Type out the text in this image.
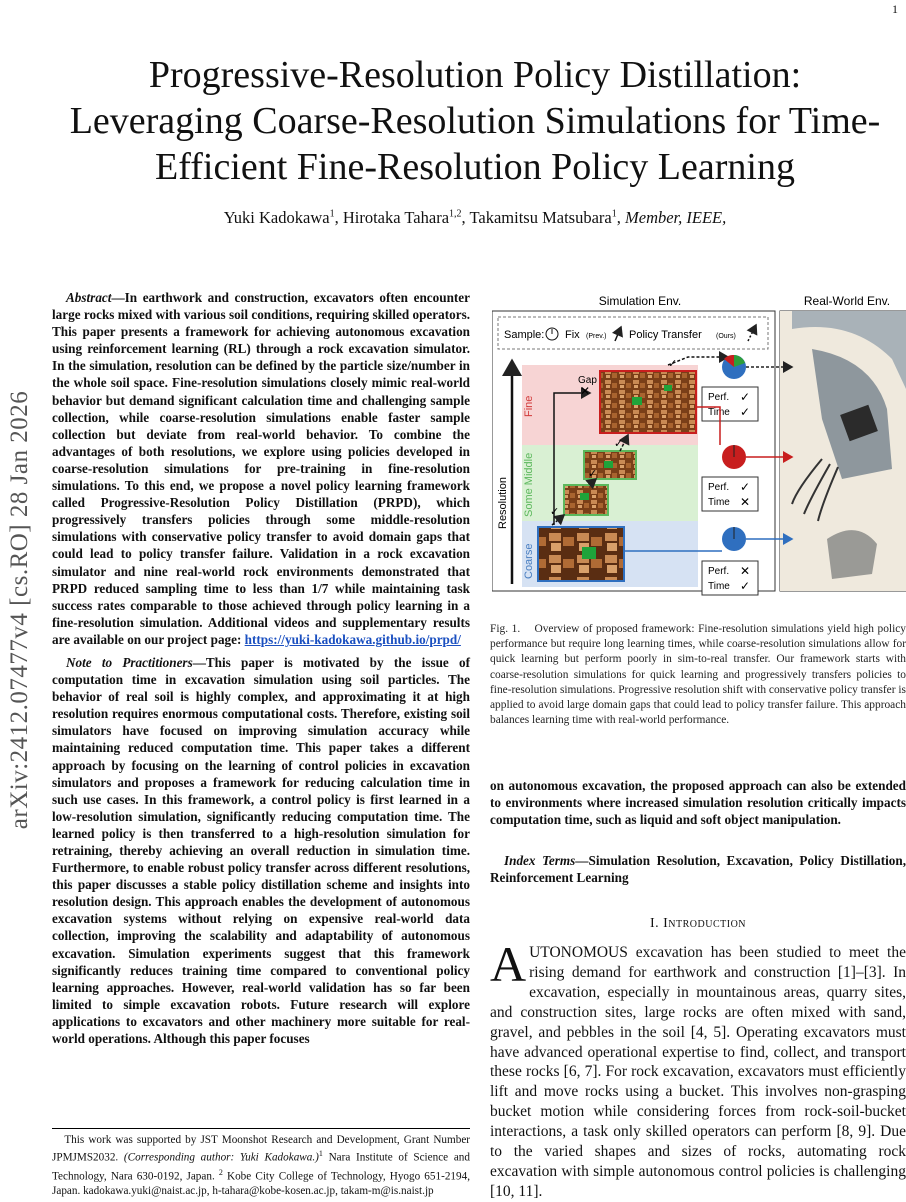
1
arXiv:2412.07477v4 [cs.RO] 28 Jan 2026
Progressive-Resolution Policy Distillation: Leveraging Coarse-Resolution Simulations for Time-Efficient Fine-Resolution Policy Learning
Yuki Kadokawa$^1$, Hirotaka Tahara$^{1,2}$, Takamitsu Matsubara$^1$, Member, IEEE,

Abstract—In earthwork and construction, excavators often encounter large rocks mixed with various soil conditions, requiring skilled operators. This paper presents a framework for achieving autonomous excavation using reinforcement learning (RL) through a rock excavation simulator. In the simulation, resolution can be defined by the particle size/number in the whole soil space. Fine-resolution simulations closely mimic real-world behavior but demand significant calculation time and challenging sample collection, while coarse-resolution simulations enable faster sample collection but deviate from real-world behavior. To combine the advantages of both resolutions, we explore using policies developed in coarse-resolution simulations for pre-training in fine-resolution simulations. To this end, we propose a novel policy learning framework called Progressive-Resolution Policy Distillation (PRPD), which progressively transfers policies through some middle-resolution simulations with conservative policy transfer to avoid domain gaps that could lead to policy transfer failure. Validation in a rock excavation simulator and nine real-world rock environments demonstrated that PRPD reduced sampling time to less than 1/7 while maintaining task success rates comparable to those achieved through policy learning in a fine-resolution simulation. Additional videos and supplementary results are available on our project page: https://yuki-kadokawa.github.io/prpd/

Note to Practitioners—This paper is motivated by the issue of computation time in excavation simulation using soil particles. The behavior of real soil is highly complex, and approximating it at high resolution requires enormous computational costs. Therefore, existing soil simulators have focused on improving simulation accuracy while maintaining reduced computation time. This paper takes a different approach by focusing on the learning of control policies in excavation simulators and proposes a framework for reducing calculation time in such use cases. In this framework, a control policy is first learned in a low-resolution simulation, significantly reducing computation time. The learned policy is then transferred to a high-resolution simulation for retraining, thereby achieving an overall reduction in simulation time. Furthermore, to enable robust policy transfer across different resolutions, this paper discusses a stable policy distillation scheme and insights into resolution design. This approach enables the development of autonomous excavation systems without relying on expensive real-world data collection, improving the scalability and adaptability of autonomous excavation. Simulation experiments suggest that this framework significantly reduces training time compared to conventional policy learning approaches. However, real-world validation has so far been limited to simple excavation robots. Future research will explore applications to excavators and other machinery more suitable for real-world operations. Although this paper focuses

This work was supported by JST Moonshot Research and Development, Grant Number JPMJMS2032. (Corresponding author: Yuki Kadokawa.)$^1$ Nara Institute of Science and Technology, Nara 630-0192, Japan. $^2$ Kobe City College of Technology, Hyogo 651-2194, Japan. kadokawa.yuki@naist.ac.jp, h-tahara@kobe-kosen.ac.jp, takam-m@is.naist.jp
Simulation Env.	Real-World Env.
Sample: Fix (Prev.) Policy Transfer (Ours)
Resolution
Fine
Some Middle
Coarse
Gap
✕
✓
✓
✓
✓
Perf.
Time
✓
✓
Perf.
Time
✓
✕
Perf.
Time
✕
✓
Fig. 1. Overview of proposed framework: Fine-resolution simulations yield high policy performance but require long learning times, while coarse-resolution simulations allow for quick learning but perform poorly in sim-to-real transfer. Our framework starts with coarse-resolution simulations for quick learning and progressively transfers policies to fine-resolution simulations. Progressive resolution shift with conservative policy transfer is applied to avoid large domain gaps that could lead to policy transfer failure. This approach balances learning time with real-world performance.
on autonomous excavation, the proposed approach can also be extended to environments where increased simulation resolution critically impacts computation time, such as liquid and soft object manipulation.
Index Terms—Simulation Resolution, Excavation, Policy Distillation, Reinforcement Learning
I. Introduction
AUTONOMOUS excavation has been studied to meet the rising demand for earthwork and construction [1]–[3]. In excavation, especially in mountainous areas, quarry sites, and construction sites, large rocks are often mixed with sand, gravel, and pebbles in the soil [4, 5]. Operating excavators must have advanced operational expertise to find, collect, and transport these rocks [6, 7]. For rock excavation, excavators must efficiently lift and move rocks using a bucket. This involves non-grasping bucket motion while considering forces from rock-soil-bucket interactions, a task only skilled operators can perform [8, 9]. Due to the varied shapes and sizes of rocks, automating rock excavation with simple autonomous control policies is challenging [10, 11].
